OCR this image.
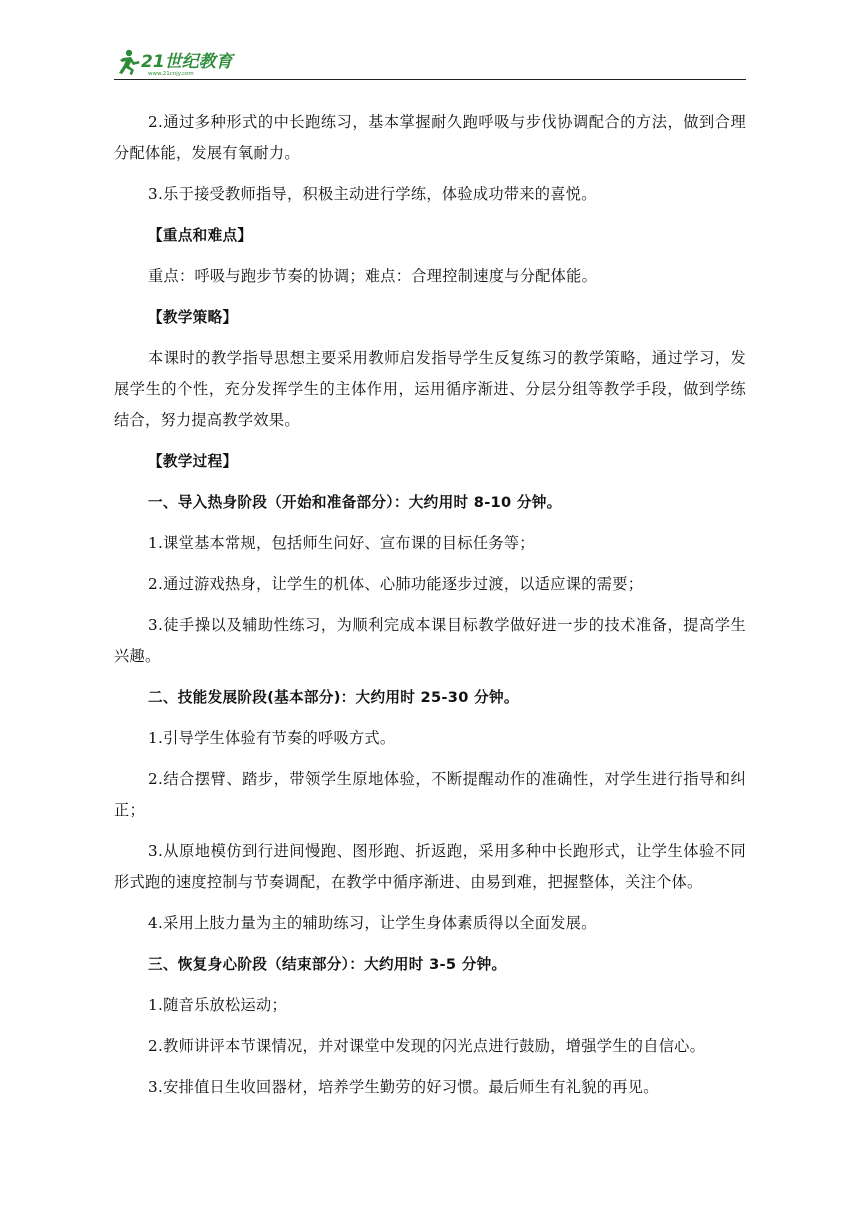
21世纪教育
www.21cnjy.com

2.通过多种形式的中长跑练习，基本掌握耐久跑呼吸与步伐协调配合的方法，做到合理分配体能，发展有氧耐力。

3.乐于接受教师指导，积极主动进行学练，体验成功带来的喜悦。

【重点和难点】

重点：呼吸与跑步节奏的协调；难点：合理控制速度与分配体能。

【教学策略】

本课时的教学指导思想主要采用教师启发指导学生反复练习的教学策略，通过学习，发展学生的个性，充分发挥学生的主体作用，运用循序渐进、分层分组等教学手段，做到学练结合，努力提高教学效果。

【教学过程】

一、导入热身阶段（开始和准备部分）：大约用时 8-10 分钟。

1.课堂基本常规，包括师生问好、宣布课的目标任务等；

2.通过游戏热身，让学生的机体、心肺功能逐步过渡，以适应课的需要；

3.徒手操以及辅助性练习，为顺利完成本课目标教学做好进一步的技术准备，提高学生兴趣。

二、技能发展阶段(基本部分)：大约用时 25-30 分钟。

1.引导学生体验有节奏的呼吸方式。

2.结合摆臂、踏步，带领学生原地体验，不断提醒动作的准确性，对学生进行指导和纠正；

3.从原地模仿到行进间慢跑、图形跑、折返跑，采用多种中长跑形式，让学生体验不同形式跑的速度控制与节奏调配，在教学中循序渐进、由易到难，把握整体，关注个体。

4.采用上肢力量为主的辅助练习，让学生身体素质得以全面发展。

三、恢复身心阶段（结束部分）：大约用时 3-5 分钟。

1.随音乐放松运动；

2.教师讲评本节课情况，并对课堂中发现的闪光点进行鼓励，增强学生的自信心。

3.安排值日生收回器材，培养学生勤劳的好习惯。最后师生有礼貌的再见。
